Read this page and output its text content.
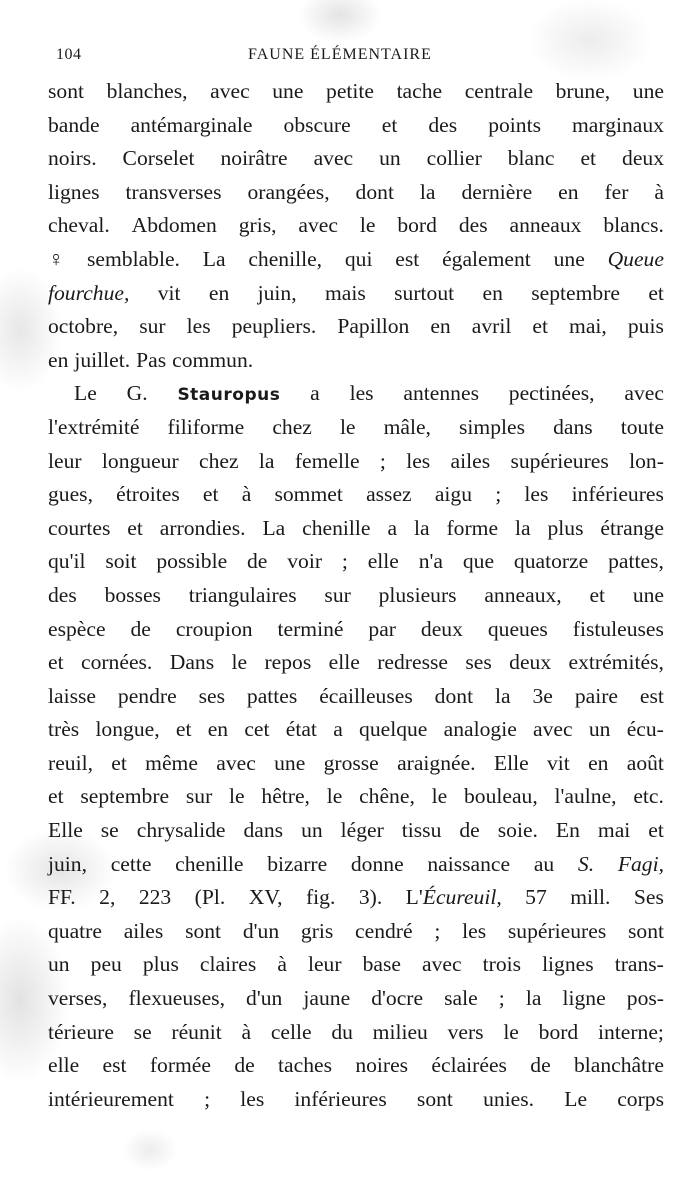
104	FAUNE ÉLÉMENTAIRE
sont blanches, avec une petite tache centrale brune, une
bande antémarginale obscure et des points marginaux
noirs. Corselet noirâtre avec un collier blanc et deux
lignes transverses orangées, dont la dernière en fer à
cheval. Abdomen gris, avec le bord des anneaux blancs.
♀ semblable. La chenille, qui est également une Queue
fourchue, vit en juin, mais surtout en septembre et
octobre, sur les peupliers. Papillon en avril et mai, puis
en juillet. Pas commun.
Le G. Stauropus a les antennes pectinées, avec
l'extrémité filiforme chez le mâle, simples dans toute
leur longueur chez la femelle ; les ailes supérieures lon-
gues, étroites et à sommet assez aigu ; les inférieures
courtes et arrondies. La chenille a la forme la plus étrange
qu'il soit possible de voir ; elle n'a que quatorze pattes,
des bosses triangulaires sur plusieurs anneaux, et une
espèce de croupion terminé par deux queues fistuleuses
et cornées. Dans le repos elle redresse ses deux extrémités,
laisse pendre ses pattes écailleuses dont la 3e paire est
très longue, et en cet état a quelque analogie avec un écu-
reuil, et même avec une grosse araignée. Elle vit en août
et septembre sur le hêtre, le chêne, le bouleau, l'aulne, etc.
Elle se chrysalide dans un léger tissu de soie. En mai et
juin, cette chenille bizarre donne naissance au S. Fagi,
FF. 2, 223 (Pl. XV, fig. 3). L'Écureuil, 57 mill. Ses
quatre ailes sont d'un gris cendré ; les supérieures sont
un peu plus claires à leur base avec trois lignes trans-
verses, flexueuses, d'un jaune d'ocre sale ; la ligne pos-
térieure se réunit à celle du milieu vers le bord interne;
elle est formée de taches noires éclairées de blanchâtre
intérieurement ; les inférieures sont unies. Le corps
